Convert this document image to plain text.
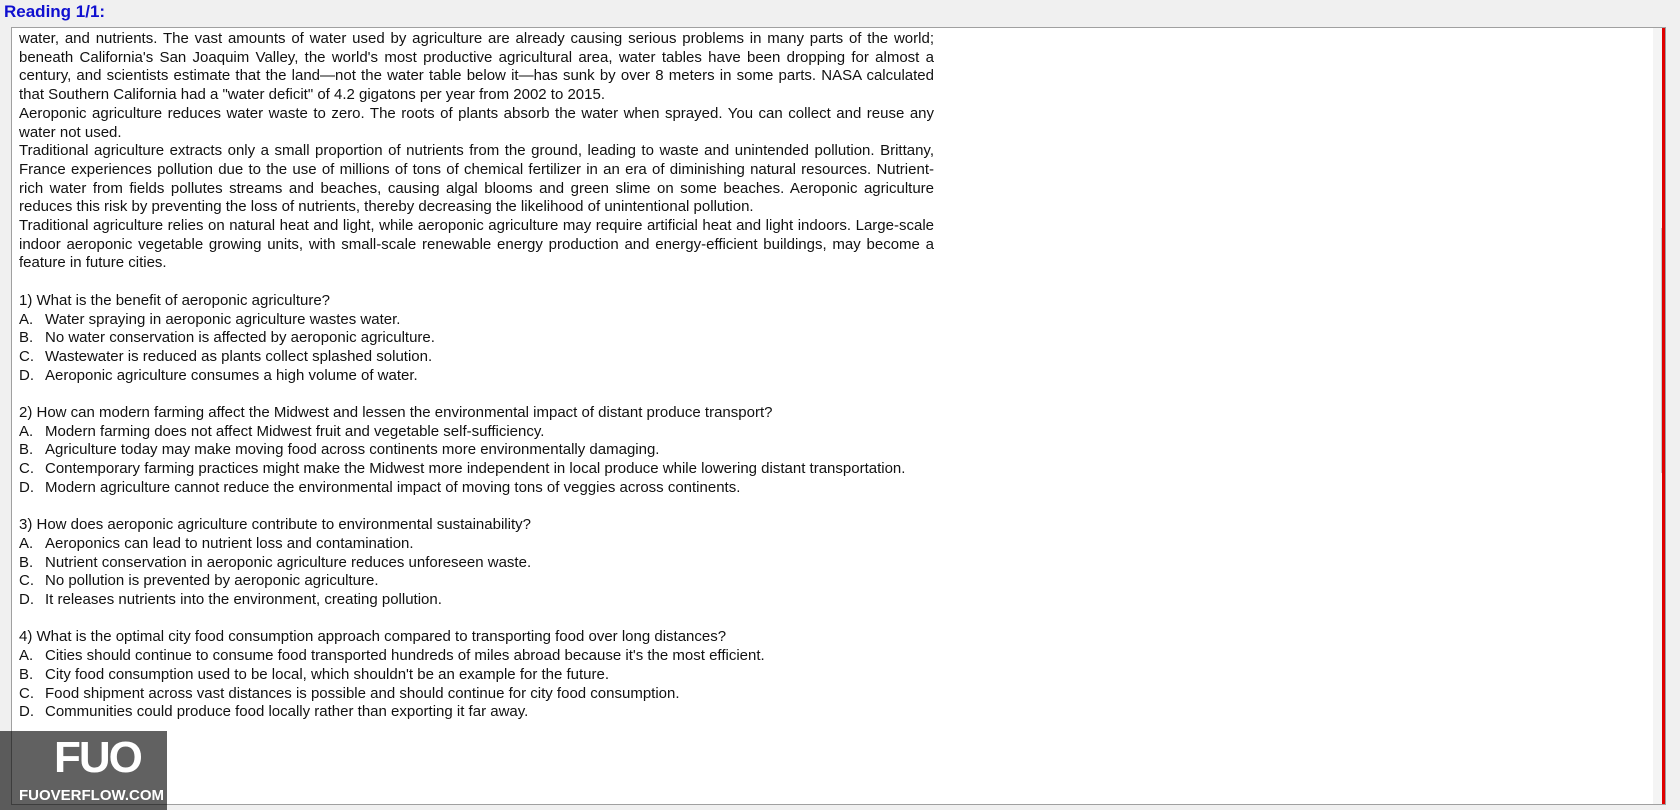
Reading 1/1:

water, and nutrients. The vast amounts of water used by agriculture are already causing serious problems in many parts of the world; beneath California's San Joaquim Valley, the world's most productive agricultural area, water tables have been dropping for almost a century, and scientists estimate that the land—not the water table below it—has sunk by over 8 meters in some parts. NASA calculated that Southern California had a "water deficit" of 4.2 gigatons per year from 2002 to 2015.

Aeroponic agriculture reduces water waste to zero. The roots of plants absorb the water when sprayed. You can collect and reuse any water not used.

Traditional agriculture extracts only a small proportion of nutrients from the ground, leading to waste and unintended pollution. Brittany, France experiences pollution due to the use of millions of tons of chemical fertilizer in an era of diminishing natural resources. Nutrient-rich water from fields pollutes streams and beaches, causing algal blooms and green slime on some beaches. Aeroponic agriculture reduces this risk by preventing the loss of nutrients, thereby decreasing the likelihood of unintentional pollution.

Traditional agriculture relies on natural heat and light, while aeroponic agriculture may require artificial heat and light indoors. Large-scale indoor aeroponic vegetable growing units, with small-scale renewable energy production and energy-efficient buildings, may become a feature in future cities.

1) What is the benefit of aeroponic agriculture?

A. Water spraying in aeroponic agriculture wastes water.

B. No water conservation is affected by aeroponic agriculture.

C. Wastewater is reduced as plants collect splashed solution.

D. Aeroponic agriculture consumes a high volume of water.

2) How can modern farming affect the Midwest and lessen the environmental impact of distant produce transport?

A. Modern farming does not affect Midwest fruit and vegetable self-sufficiency.

B. Agriculture today may make moving food across continents more environmentally damaging.

C. Contemporary farming practices might make the Midwest more independent in local produce while lowering distant transportation.

D. Modern agriculture cannot reduce the environmental impact of moving tons of veggies across continents.

3) How does aeroponic agriculture contribute to environmental sustainability?

A. Aeroponics can lead to nutrient loss and contamination.

B. Nutrient conservation in aeroponic agriculture reduces unforeseen waste.

C. No pollution is prevented by aeroponic agriculture.

D. It releases nutrients into the environment, creating pollution.

4) What is the optimal city food consumption approach compared to transporting food over long distances?

A. Cities should continue to consume food transported hundreds of miles abroad because it's the most efficient.

B. City food consumption used to be local, which shouldn't be an example for the future.

C. Food shipment across vast distances is possible and should continue for city food consumption.

D. Communities could produce food locally rather than exporting it far away.

FUO
FUOVERFLOW.COM
